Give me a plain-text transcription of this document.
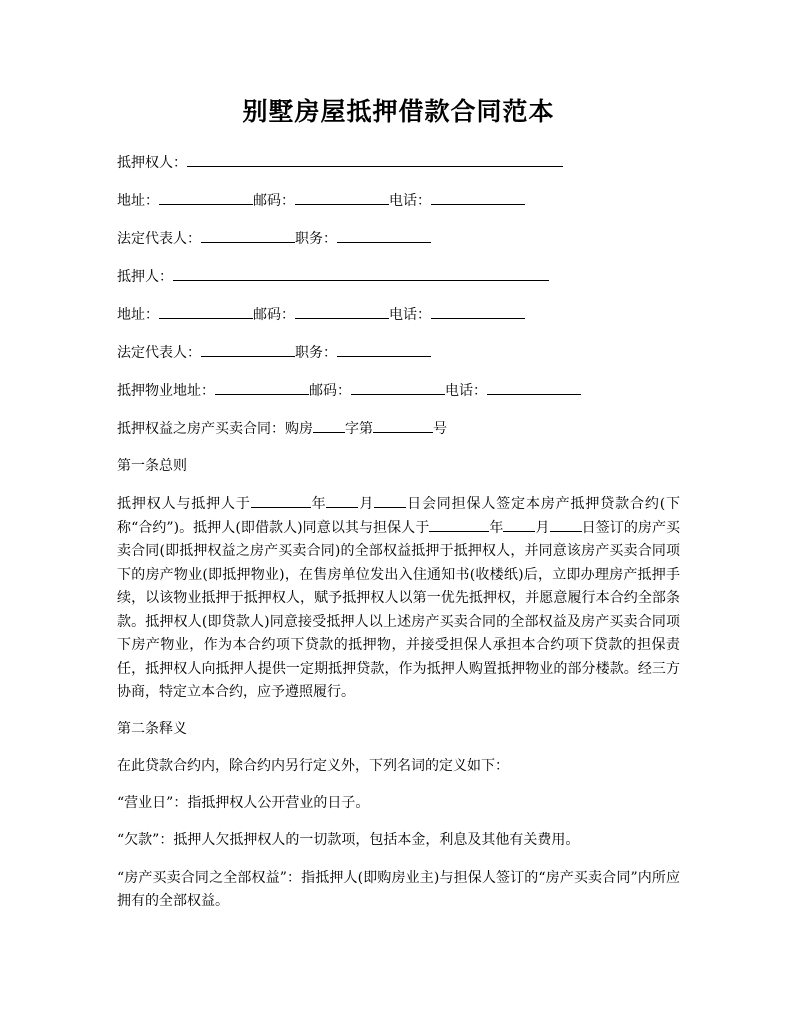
别墅房屋抵押借款合同范本
抵押权人：
地址：	邮码：	电话：
法定代表人：	职务：
抵押人：
地址：	邮码：	电话：
法定代表人：	职务：
抵押物业地址：	邮码：	电话：
抵押权益之房产买卖合同：购房 字第	号
第一条总则

抵押权人与抵押人于	年 月 日会同担保人签定本房产抵押贷款合约(下称“合约”)。抵押人(即借款人)同意以其与担保人于	年 月 日签订的房产买卖合同(即抵押权益之房产买卖合同)的全部权益抵押于抵押权人，并同意该房产买卖合同项下的房产物业(即抵押物业)，在售房单位发出入住通知书(收楼纸)后，立即办理房产抵押手续，以该物业抵押于抵押权人，赋予抵押权人以第一优先抵押权，并愿意履行本合约全部条款。抵押权人(即贷款人)同意接受抵押人以上述房产买卖合同的全部权益及房产买卖合同项下房产物业，作为本合约项下贷款的抵押物，并接受担保人承担本合约项下贷款的担保责任，抵押权人向抵押人提供一定期抵押贷款，作为抵押人购置抵押物业的部分楼款。经三方协商，特定立本合约，应予遵照履行。

第二条释义
在此贷款合约内，除合约内另行定义外，下列名词的定义如下：
“营业日”：指抵押权人公开营业的日子。
“欠款”：抵押人欠抵押权人的一切款项，包括本金，利息及其他有关费用。

“房产买卖合同之全部权益”：指抵押人(即购房业主)与担保人签订的“房产买卖合同”内所应拥有的全部权益。
